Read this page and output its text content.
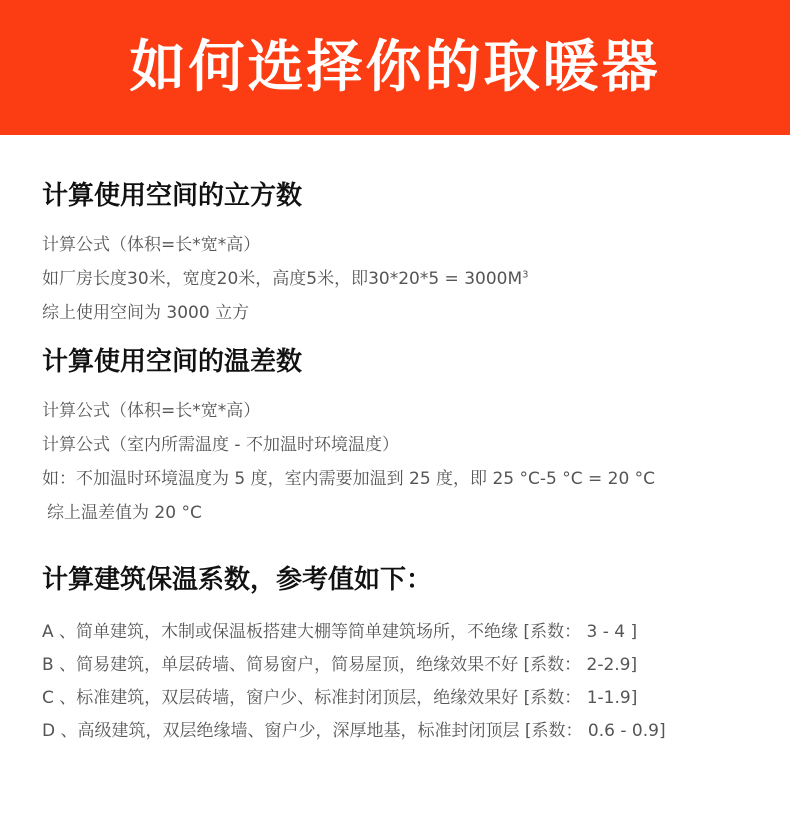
如何选择你的取暖器
计算使用空间的立方数
计算公式（体积=长*宽*高）
如厂房长度30米，宽度20米，高度5米，即$30*20*5 = 3000M^3$
综上使用空间为 3000 立方
计算使用空间的温差数
计算公式（体积=长*宽*高）
计算公式（室内所需温度 - 不加温时环境温度）
如：不加温时环境温度为 5 度，室内需要加温到 25 度，即 25 °C-5 °C = 20 °C
综上温差值为 20 °C
计算建筑保温系数，参考值如下：
A 、简单建筑，木制或保温板搭建大棚等简单建筑场所，不绝缘 [系数： 3 - 4 ]
B 、简易建筑，单层砖墙、简易窗户，简易屋顶，绝缘效果不好 [系数： 2-2.9]
C 、标准建筑，双层砖墙，窗户少、标准封闭顶层，绝缘效果好 [系数： 1-1.9]
D 、高级建筑，双层绝缘墙、窗户少，深厚地基，标准封闭顶层 [系数： 0.6 - 0.9]
